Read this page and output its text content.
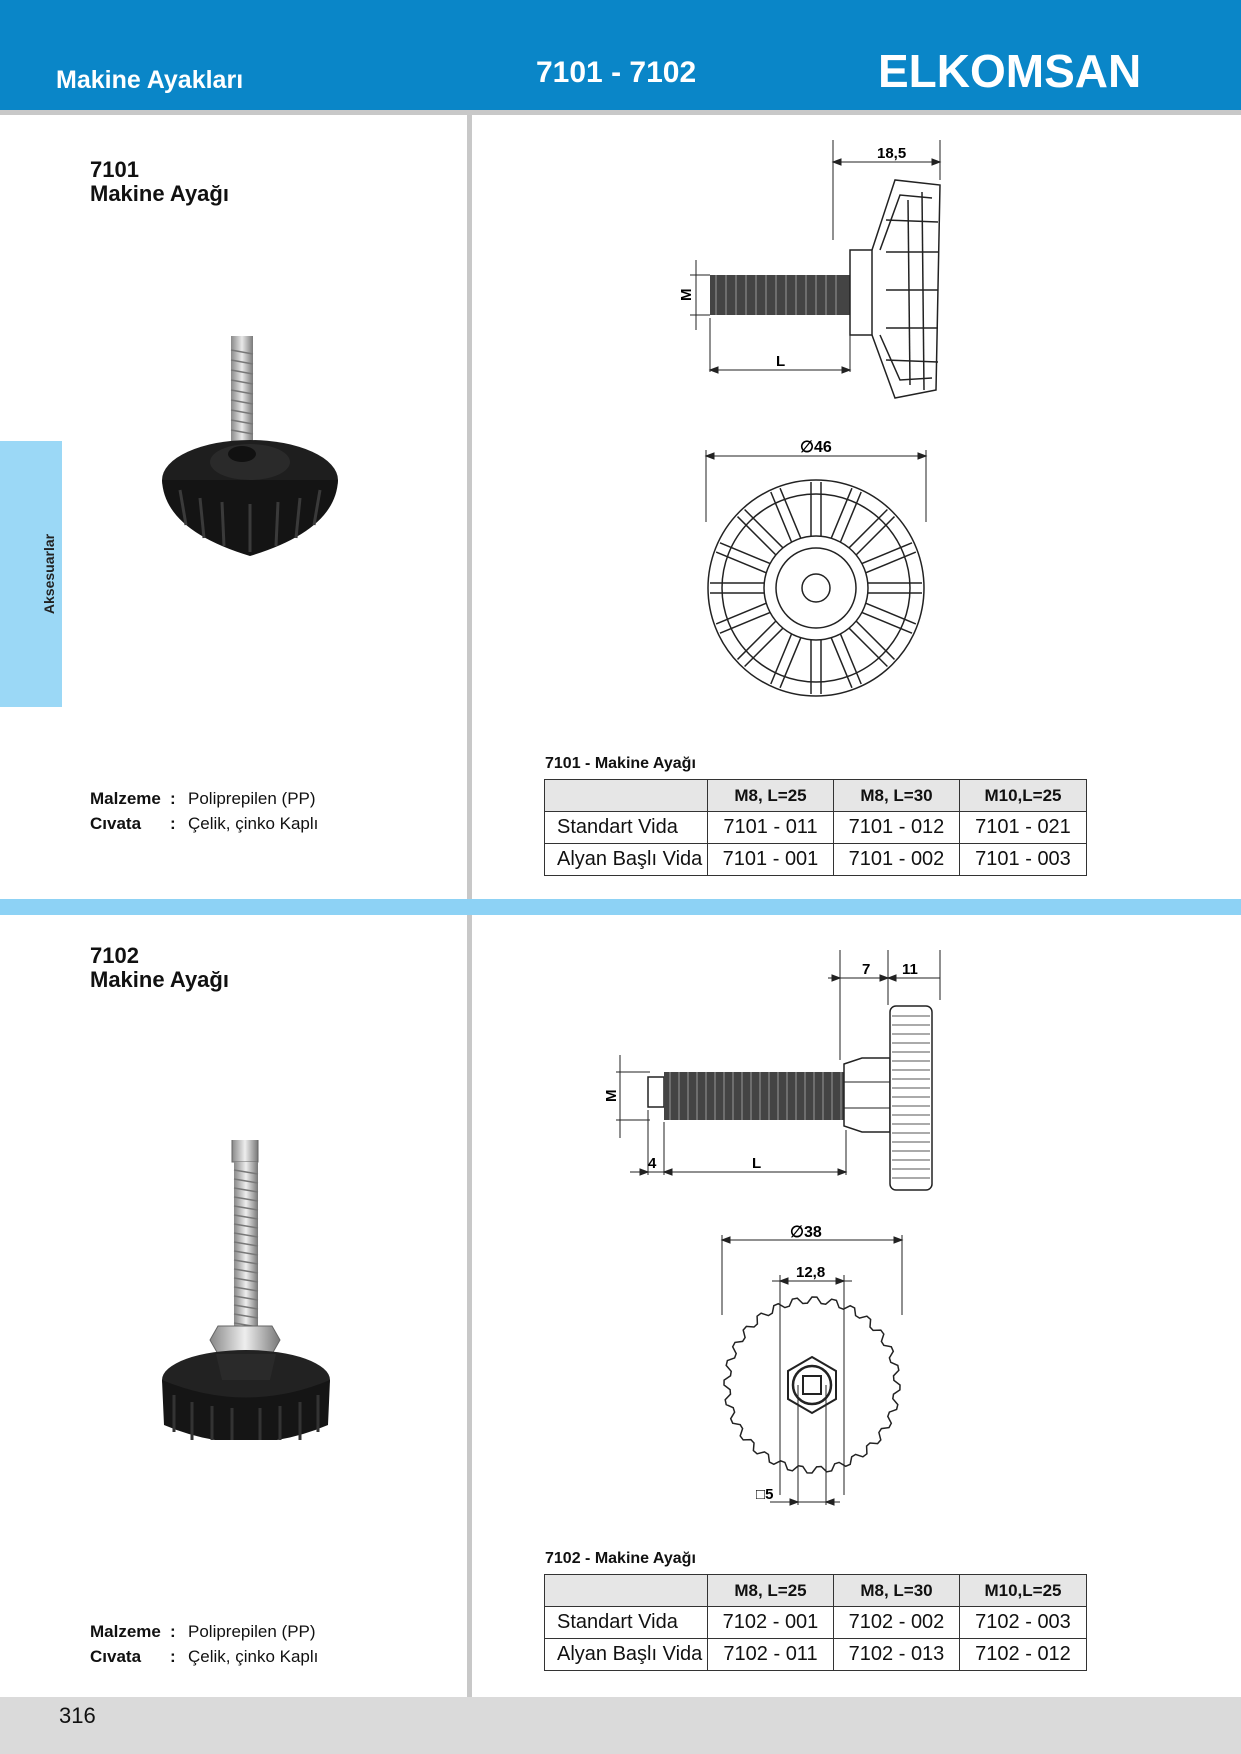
Makine Ayakları	7101 - 7102	ELKOMSAN
Aksesuarlar
7101
Makine Ayağı
18,5
M
L
∅46
Malzeme : Poliprepilen (PP)
Cıvata	: Çelik, çinko Kaplı
7101 - Makine Ayağı
	M8, L=25	M8, L=30	M10,L=25
Standart Vida	7101 - 011	7101 - 012	7101 - 021
Alyan Başlı Vida	7101 - 001	7101 - 002	7101 - 003
7102
Makine Ayağı	7 11
M
4	L
∅38
12,8
□5
Malzeme : Poliprepilen (PP)
Cıvata	: Çelik, çinko Kaplı
7102 - Makine Ayağı
	M8, L=25	M8, L=30	M10,L=25
Standart Vida	7102 - 001	7102 - 002	7102 - 003
Alyan Başlı Vida	7102 - 011	7102 - 013	7102 - 012
316
